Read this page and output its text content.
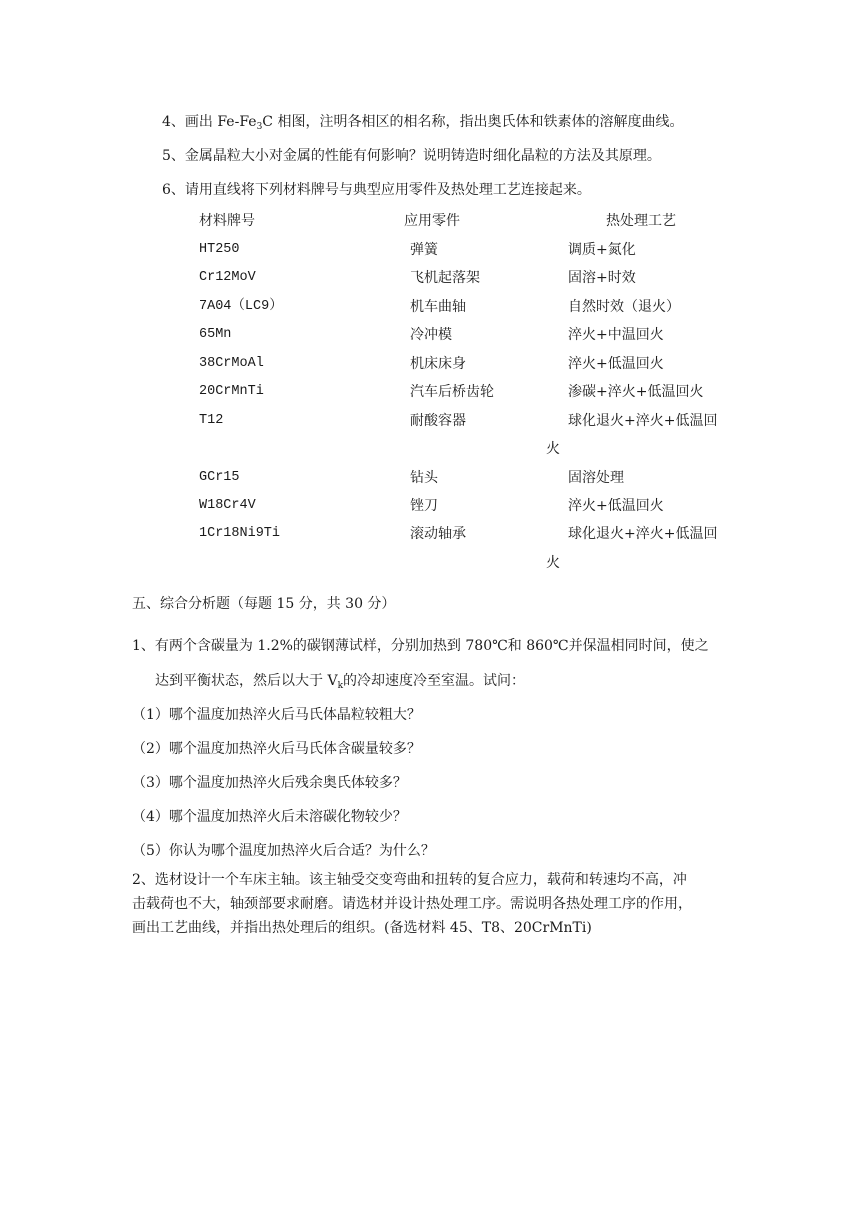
4、画出 $Fe-Fe_3C$ 相图，注明各相区的相名称，指出奥氏体和铁素体的溶解度曲线。
5、金属晶粒大小对金属的性能有何影响？说明铸造时细化晶粒的方法及其原理。
6、请用直线将下列材料牌号与典型应用零件及热处理工艺连接起来。
材料牌号	应用零件	热处理工艺
HT250	弹簧	调质+氮化
Cr12MoV	飞机起落架	固溶+时效
7A04（LC9）	机车曲轴	自然时效（退火）
65Mn	冷冲模	淬火+中温回火
38CrMoAl	机床床身	淬火+低温回火
20CrMnTi	汽车后桥齿轮	渗碳+淬火+低温回火
T12	耐酸容器	球化退火+淬火+低温回
火
GCr15	钻头	固溶处理
W18Cr4V	锉刀	淬火+低温回火
1Cr18Ni9Ti	滚动轴承	球化退火+淬火+低温回
火
五、综合分析题（每题 15 分，共 30 分）
1、有两个含碳量为 1.2%的碳钢薄试样，分别加热到 780℃和 860℃并保温相同时间，使之
达到平衡状态，然后以大于 $V_k$的冷却速度冷至室温。试问：
（1）哪个温度加热淬火后马氏体晶粒较粗大？
（2）哪个温度加热淬火后马氏体含碳量较多？
（3）哪个温度加热淬火后残余奥氏体较多？
（4）哪个温度加热淬火后未溶碳化物较少？
（5）你认为哪个温度加热淬火后合适？为什么？
2、选材设计一个车床主轴。该主轴受交变弯曲和扭转的复合应力，载荷和转速均不高，冲
击载荷也不大，轴颈部要求耐磨。请选材并设计热处理工序。需说明各热处理工序的作用，
画出工艺曲线，并指出热处理后的组织。(备选材料 45、T8、20CrMnTi)
